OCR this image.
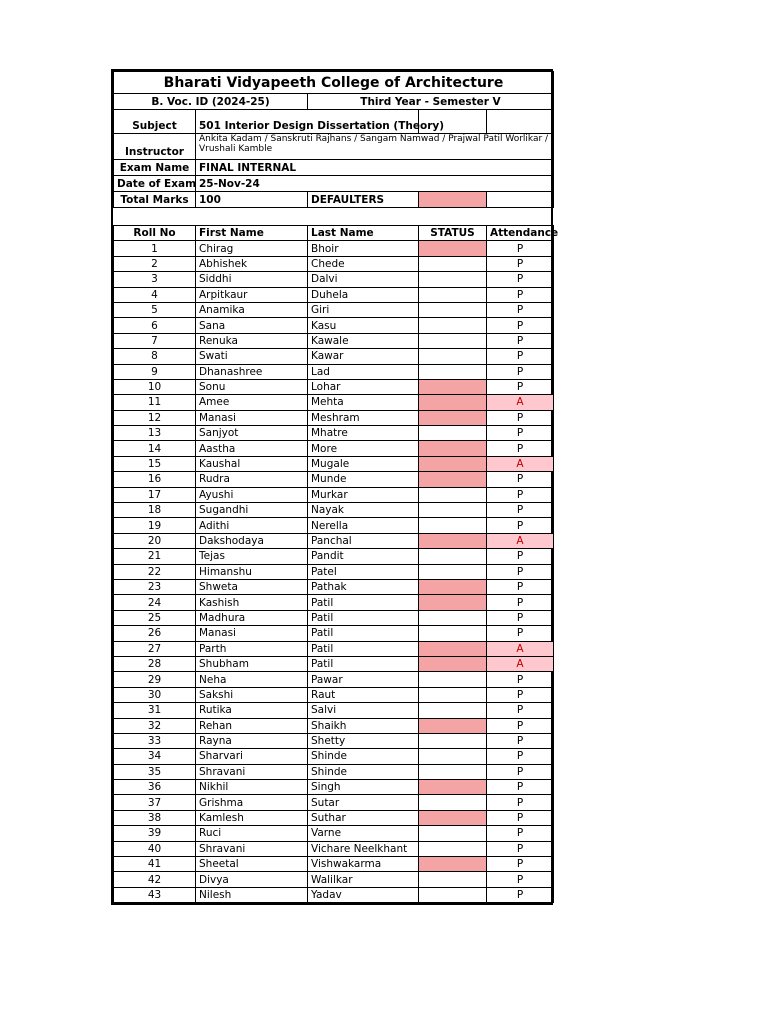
Bharati Vidyapeeth College of Architecture				
B. Voc. ID (2024-25)		Third Year - Semester V		
Subject	501 Interior Design Dissertation (Theory)			
Instructor	Ankita Kadam / Sanskruti Rajhans / Sangam Namwad / Prajwal Patil Worlikar / Vrushali Kamble			
Exam Name	FINAL INTERNAL			
Date of Exam	25-Nov-24			
Total Marks	100	DEFAULTERS		

Roll No	First Name	Last Name	STATUS	Attendance
1	Chirag	Bhoir		P
2	Abhishek	Chede		P
3	Siddhi	Dalvi		P
4	Arpitkaur	Duhela		P
5	Anamika	Giri		P
6	Sana	Kasu		P
7	Renuka	Kawale		P
8	Swati	Kawar		P
9	Dhanashree	Lad		P
10	Sonu	Lohar		P
11	Amee	Mehta		A
12	Manasi	Meshram		P
13	Sanjyot	Mhatre		P
14	Aastha	More		P
15	Kaushal	Mugale		A
16	Rudra	Munde		P
17	Ayushi	Murkar		P
18	Sugandhi	Nayak		P
19	Adithi	Nerella		P
20	Dakshodaya	Panchal		A
21	Tejas	Pandit		P
22	Himanshu	Patel		P
23	Shweta	Pathak		P
24	Kashish	Patil		P
25	Madhura	Patil		P
26	Manasi	Patil		P
27	Parth	Patil		A
28	Shubham	Patil		A
29	Neha	Pawar		P
30	Sakshi	Raut		P
31	Rutika	Salvi		P
32	Rehan	Shaikh		P
33	Rayna	Shetty		P
34	Sharvari	Shinde		P
35	Shravani	Shinde		P
36	Nikhil	Singh		P
37	Grishma	Sutar		P
38	Kamlesh	Suthar		P
39	Ruci	Varne		P
40	Shravani	Vichare Neelkhant		P
41	Sheetal	Vishwakarma		P
42	Divya	Walilkar		P
43	Nilesh	Yadav		P
